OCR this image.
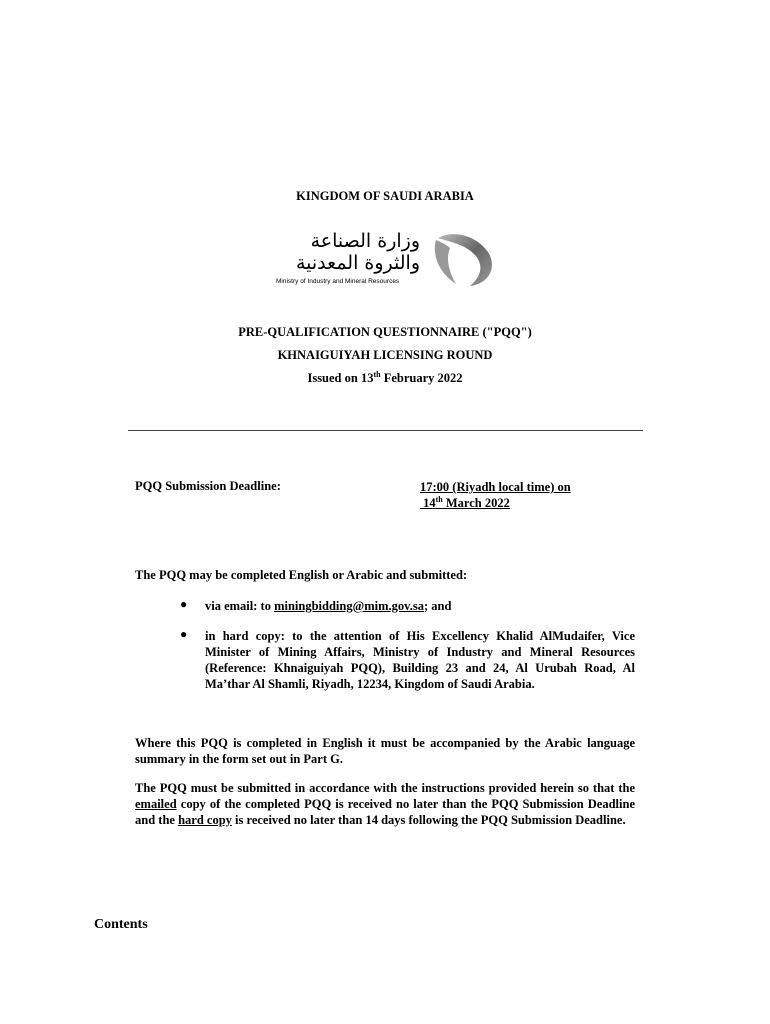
KINGDOM OF SAUDI ARABIA
وزارة الصناعة
والثروة المعدنية
Ministry of Industry and Mineral Resources
PRE-QUALIFICATION QUESTIONNAIRE ("PQQ")
KHNAIGUIYAH LICENSING ROUND
Issued on 13th February 2022
PQQ Submission Deadline:	17:00 (Riyadh local time) on
14th March 2022
The PQQ may be completed English or Arabic and submitted:
● via email: to miningbidding@mim.gov.sa; and
● in hard copy: to the attention of His Excellency Khalid AlMudaifer, Vice Minister of Mining Affairs, Ministry of Industry and Mineral Resources (Reference: Khnaiguiyah PQQ), Building 23 and 24, Al Urubah Road, Al Ma’thar Al Shamli, Riyadh, 12234, Kingdom of Saudi Arabia.
Where this PQQ is completed in English it must be accompanied by the Arabic language summary in the form set out in Part G.
The PQQ must be submitted in accordance with the instructions provided herein so that the emailed copy of the completed PQQ is received no later than the PQQ Submission Deadline and the hard copy is received no later than 14 days following the PQQ Submission Deadline.
Contents
